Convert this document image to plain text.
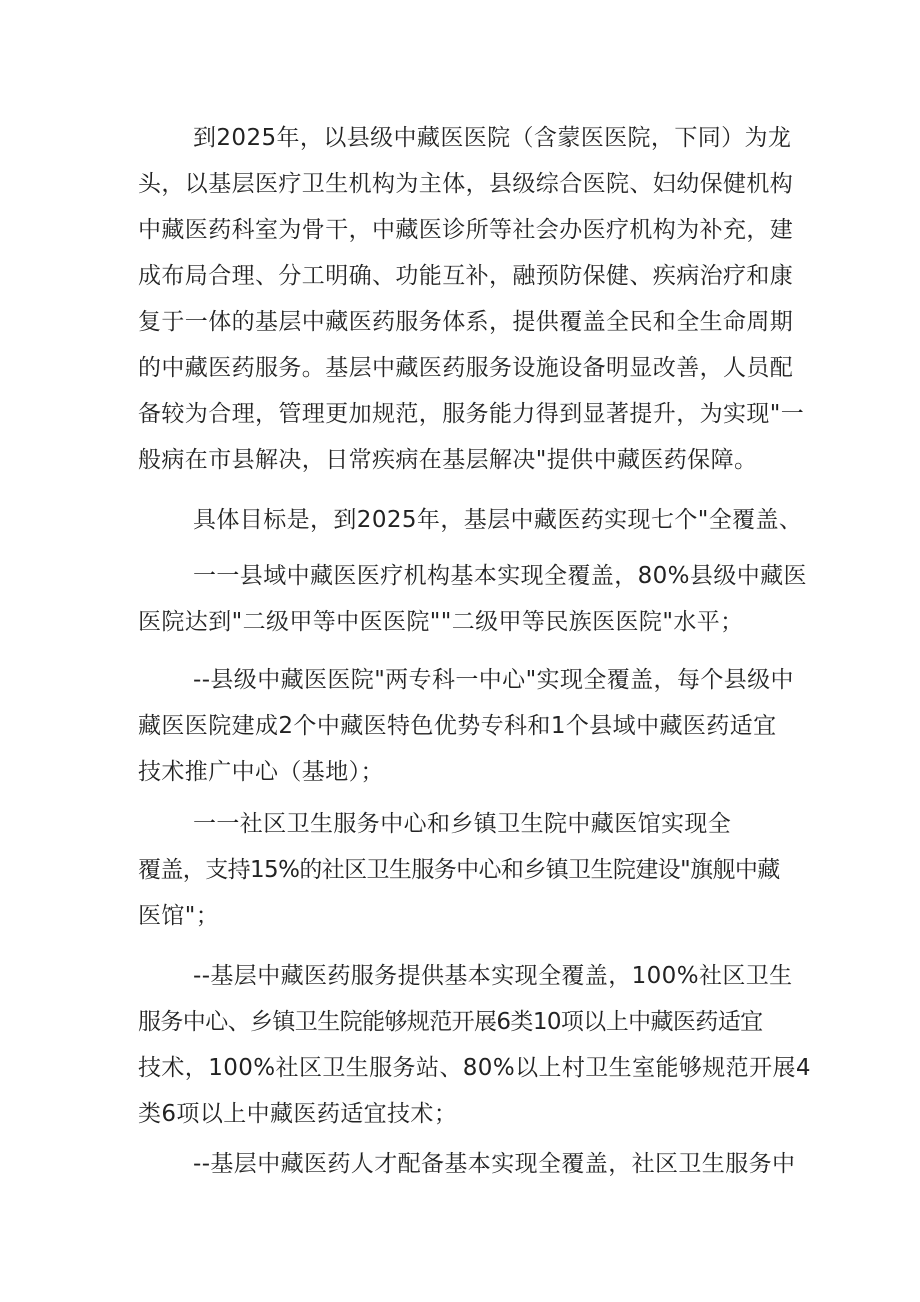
到2025年，以县级中藏医医院（含蒙医医院，下同）为龙
头，以基层医疗卫生机构为主体，县级综合医院、妇幼保健机构
中藏医药科室为骨干，中藏医诊所等社会办医疗机构为补充，建
成布局合理、分工明确、功能互补，融预防保健、疾病治疗和康
复于一体的基层中藏医药服务体系，提供覆盖全民和全生命周期
的中藏医药服务。基层中藏医药服务设施设备明显改善，人员配
备较为合理，管理更加规范，服务能力得到显著提升，为实现"一
般病在市县解决，日常疾病在基层解决"提供中藏医药保障。
具体目标是，到2025年，基层中藏医药实现七个"全覆盖、
一一县域中藏医医疗机构基本实现全覆盖，80%县级中藏医
医院达到"二级甲等中医医院""二级甲等民族医医院"水平；
--县级中藏医医院"两专科一中心"实现全覆盖，每个县级中
藏医医院建成2个中藏医特色优势专科和1个县域中藏医药适宜
技术推广中心（基地）；
一一社区卫生服务中心和乡镇卫生院中藏医馆实现全
覆盖，支持15%的社区卫生服务中心和乡镇卫生院建设"旗舰中藏
医馆"；
--基层中藏医药服务提供基本实现全覆盖，100%社区卫生
服务中心、乡镇卫生院能够规范开展6类10项以上中藏医药适宜
技术，100%社区卫生服务站、80%以上村卫生室能够规范开展4
类6项以上中藏医药适宜技术；
--基层中藏医药人才配备基本实现全覆盖，社区卫生服务中
